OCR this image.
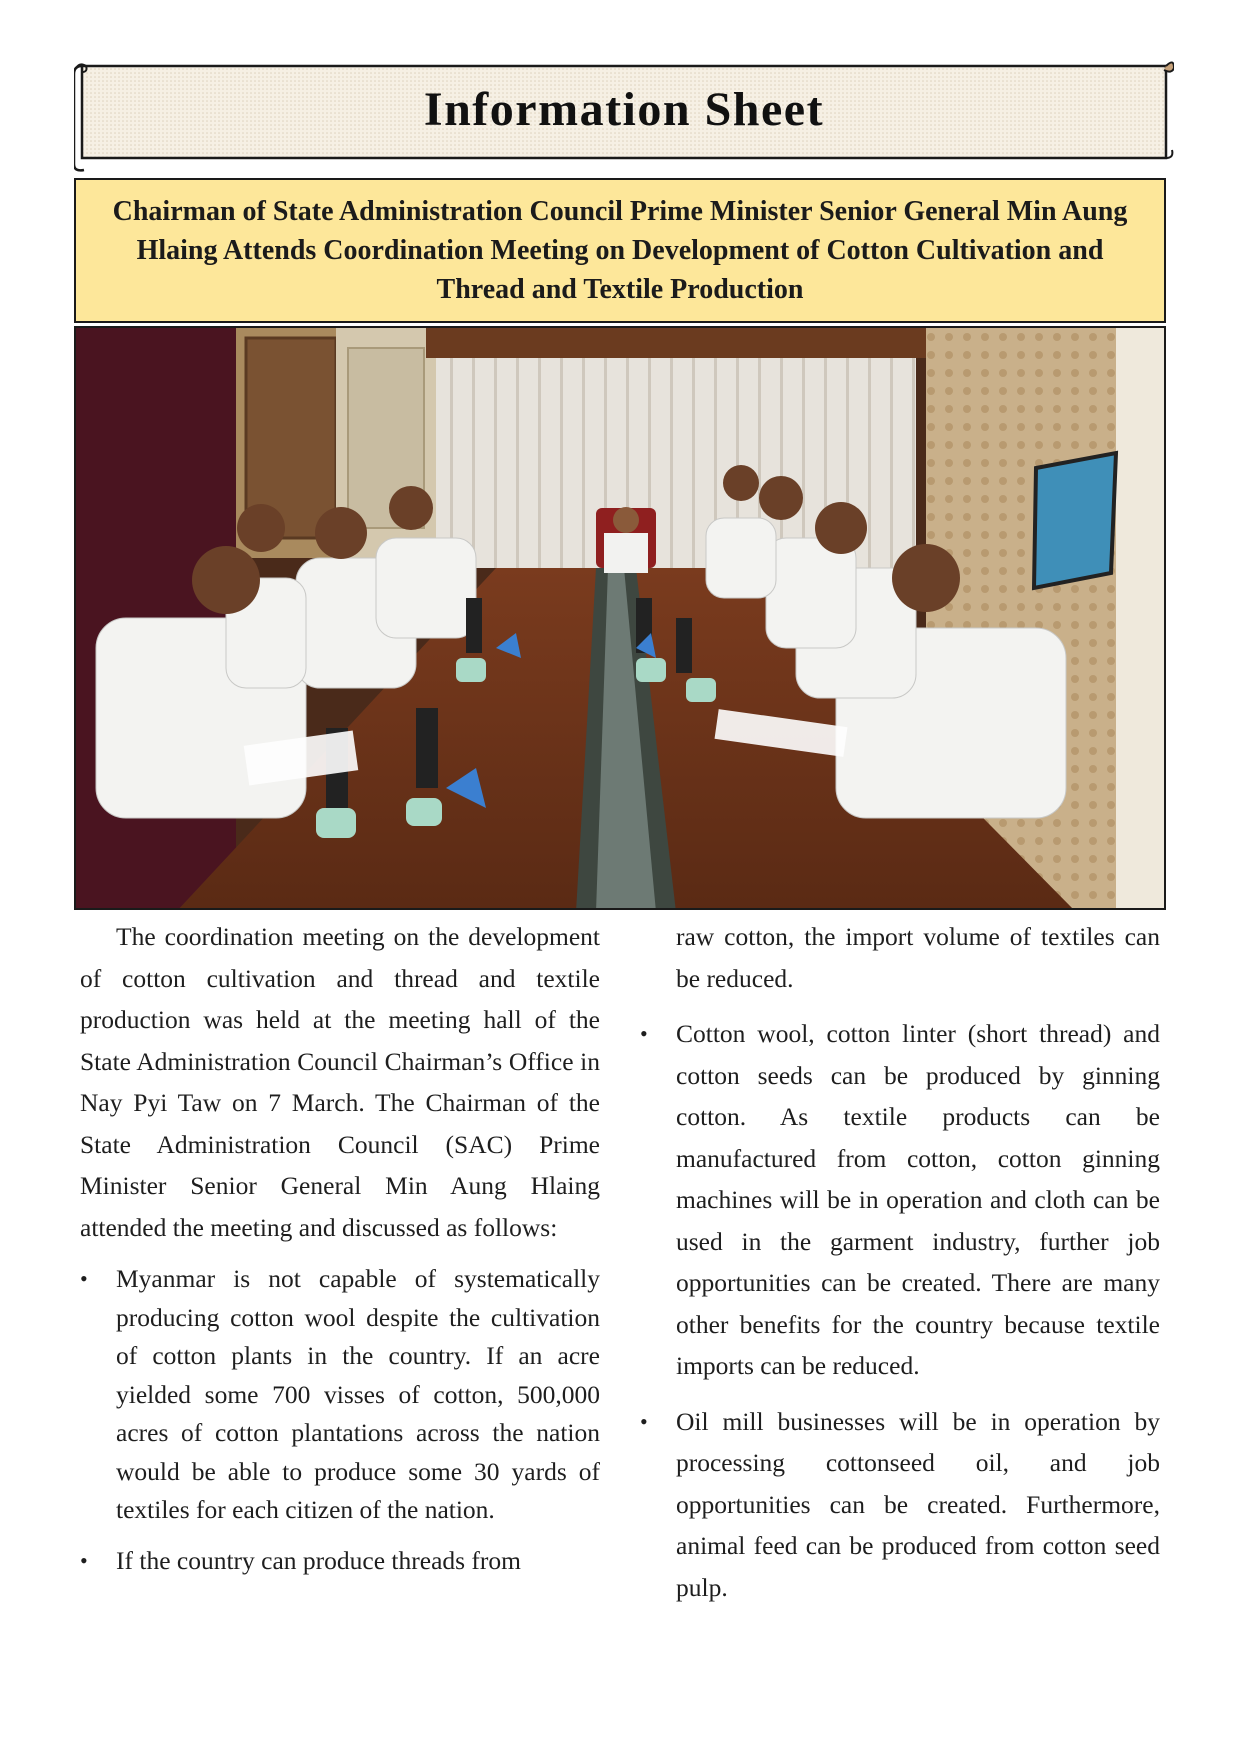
Information Sheet
Chairman of State Administration Council Prime Minister Senior General Min Aung Hlaing Attends Coordination Meeting on Development of Cotton Cultivation and Thread and Textile Production

The coordination meeting on the development of cotton cultivation and thread and textile production was held at the meeting hall of the State Administration Council Chairman’s Office in Nay Pyi Taw on 7 March. The Chairman of the State Administration Council (SAC) Prime Minister Senior General Min Aung Hlaing attended the meeting and discussed as follows:

• Myanmar is not capable of systematically producing cotton wool despite the cultivation of cotton plants in the country. If an acre yielded some 700 visses of cotton, 500,000 acres of cotton plantations across the nation would be able to produce some 30 yards of textiles for each citizen of the nation.
• If the country can produce threads from

raw cotton, the import volume of textiles can be reduced.

• Cotton wool, cotton linter (short thread) and cotton seeds can be produced by ginning cotton. As textile products can be manufactured from cotton, cotton ginning machines will be in operation and cloth can be used in the garment industry, further job opportunities can be created. There are many other benefits for the country because textile imports can be reduced.
• Oil mill businesses will be in operation by processing cottonseed oil, and job opportunities can be created. Furthermore, animal feed can be produced from cotton seed pulp.
